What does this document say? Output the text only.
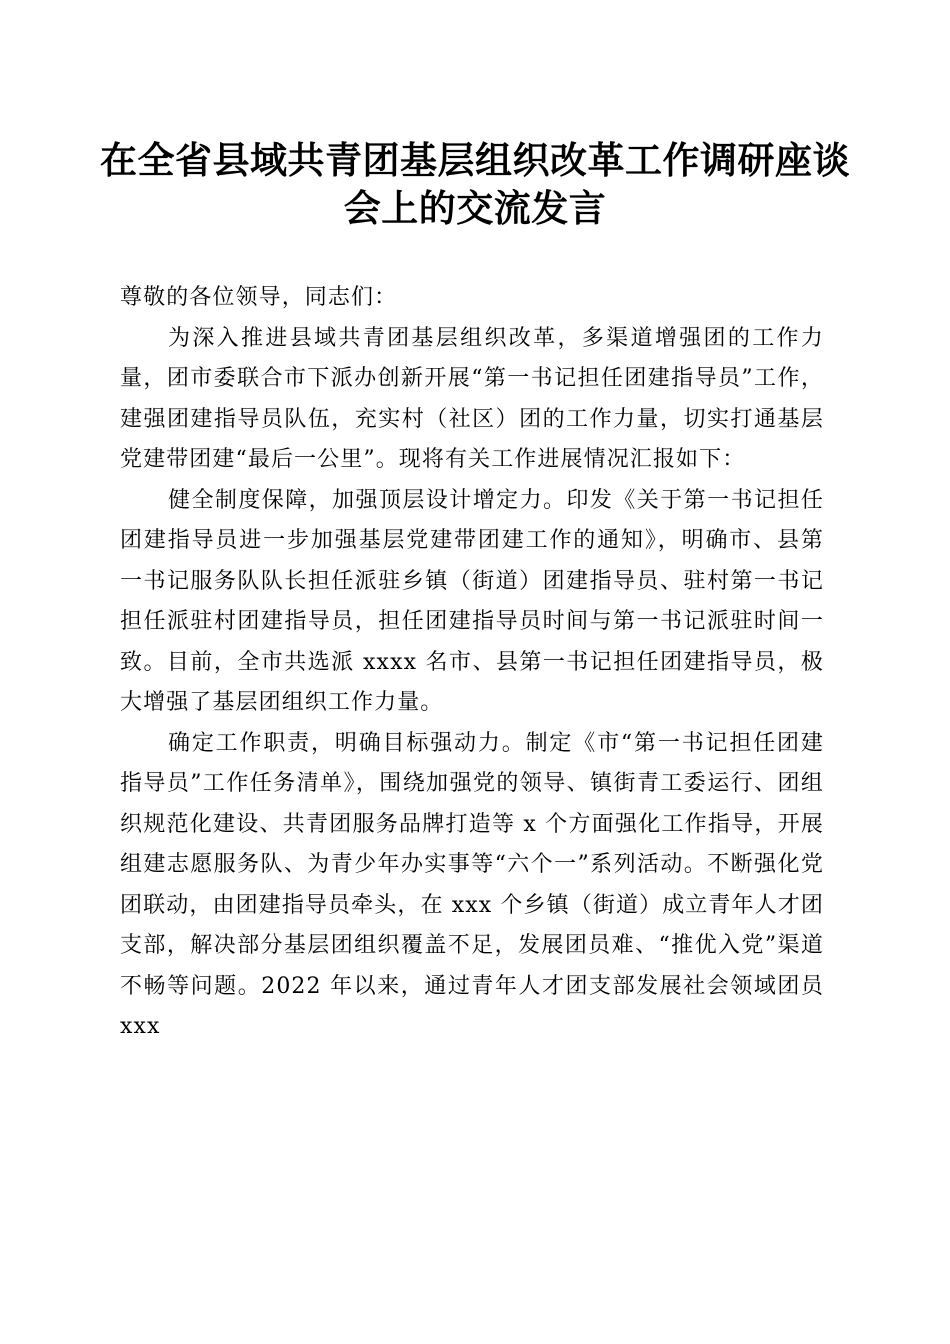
在全省县域共青团基层组织改革工作调研座谈
会上的交流发言

尊敬的各位领导，同志们：

为深入推进县域共青团基层组织改革，多渠道增强团的工作力量，团市委联合市下派办创新开展“第一书记担任团建指导员”工作，建强团建指导员队伍，充实村（社区）团的工作力量，切实打通基层党建带团建“最后一公里”。现将有关工作进展情况汇报如下：

健全制度保障，加强顶层设计增定力。印发《关于第一书记担任团建指导员进一步加强基层党建带团建工作的通知》，明确市、县第一书记服务队队长担任派驻乡镇（街道）团建指导员、驻村第一书记担任派驻村团建指导员，担任团建指导员时间与第一书记派驻时间一致。目前，全市共选派 xxxx 名市、县第一书记担任团建指导员，极大增强了基层团组织工作力量。

确定工作职责，明确目标强动力。制定《市“第一书记担任团建指导员”工作任务清单》，围绕加强党的领导、镇街青工委运行、团组织规范化建设、共青团服务品牌打造等 x 个方面强化工作指导，开展组建志愿服务队、为青少年办实事等“六个一”系列活动。不断强化党团联动，由团建指导员牵头，在 xxx 个乡镇（街道）成立青年人才团支部，解决部分基层团组织覆盖不足，发展团员难、“推优入党”渠道不畅等问题。2022 年以来，通过青年人才团支部发展社会领域团员 xxx
